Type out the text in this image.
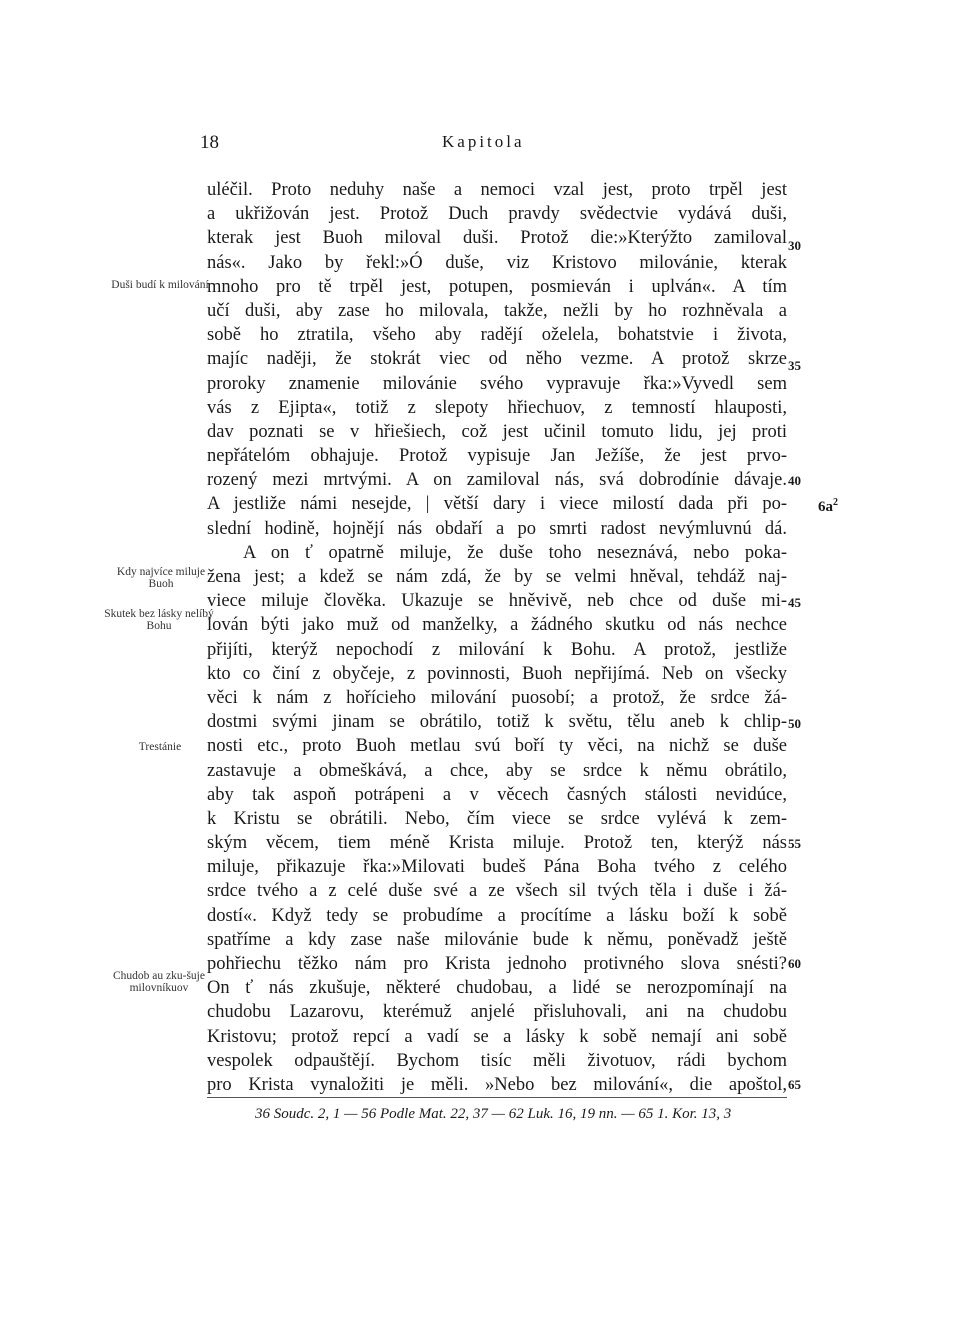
18	Kapitola
uléčil. Proto neduhy naše a nemoci vzal jest, proto trpěl jest
a ukřižován jest. Protož Duch pravdy svědectvie vydává duši,
kterak jest Buoh miloval duši. Protož die:»Kterýžto zamiloval
nás«. Jako by řekl:»Ó duše, viz Kristovo milovánie, kterak
mnoho pro tě trpěl jest, potupen, posmieván i uplván«. A tím
učí duši, aby zase ho milovala, takže, nežli by ho rozhněvala a
sobě ho ztratila, všeho aby radějí oželela, bohatstvie i života,
majíc naději, že stokrát viec od něho vezme. A protož skrze
proroky znamenie milovánie svého vypravuje řka:»Vyvedl sem
vás z Ejipta«, totiž z slepoty hřiechuov, z temností hlauposti,
dav poznati se v hřiešiech, což jest učinil tomuto lidu, jej proti
nepřátelóm obhajuje. Protož vypisuje Jan Ježíše, že jest prvo-
rozený mezi mrtvými. A on zamiloval nás, svá dobrodínie dávaje.
A jestliže námi nesejde, | větší dary i viece milostí dada při po-
slední hodině, hojnějí nás obdaří a po smrti radost nevýmluvnú dá.
A on ť opatrně miluje, že duše toho neseznává, nebo poka-
žena jest; a kdež se nám zdá, že by se velmi hněval, tehdáž naj-
viece miluje člověka. Ukazuje se hněvivě, neb chce od duše mi-
lován býti jako muž od manželky, a žádného skutku od nás nechce
přijíti, kterýž nepochodí z milování k Bohu. A protož, jestliže
kto co činí z obyčeje, z povinnosti, Buoh nepřijímá. Neb on všecky
věci k nám z hořícieho milování puosobí; a protož, že srdce žá-
dostmi svými jinam se obrátilo, totiž k světu, tělu aneb k chlip-
nosti etc., proto Buoh metlau svú boří ty věci, na nichž se duše
zastavuje a obmeškává, a chce, aby se srdce k němu obrátilo,
aby tak aspoň potrápeni a v věcech časných stálosti nevidúce,
k Kristu se obrátili. Nebo, čím viece se srdce vylévá k zem-
ským věcem, tiem méně Krista miluje. Protož ten, kterýž nás
miluje, přikazuje řka:»Milovati budeš Pána Boha tvého z celého
srdce tvého a z celé duše své a ze všech sil tvých těla i duše i žá-
dostí«. Když tedy se probudíme a procítíme a lásku boží k sobě
spatříme a kdy zase naše milovánie bude k němu, poněvadž ještě
pohřiechu těžko nám pro Krista jednoho protivného slova snésti?
On ť nás zkušuje, některé chudobau, a lidé se nerozpomínají na
chudobu Lazarovu, kterémuž anjelé přisluhovali, ani na chudobu
Kristovu; protož repcí a vadí se a lásky k sobě nemají ani sobě
vespolek odpauštějí. Bychom tisíc měli životuov, rádi bychom
pro Krista vynaložiti je měli. »Nebo bez milování«, die apoštol,
Duši budí k milování
Kdy najvíce miluje Buoh
Skutek bez lásky nelíbý Bohu
Trestánie
Chudob au zku-šuje milovníkuov
30
35
40
45
50
55
60
65
$6a^2$
36 Soudc. 2, 1 — 56 Podle Mat. 22, 37 — 62 Luk. 16, 19 nn. — 65 1. Kor. 13, 3
